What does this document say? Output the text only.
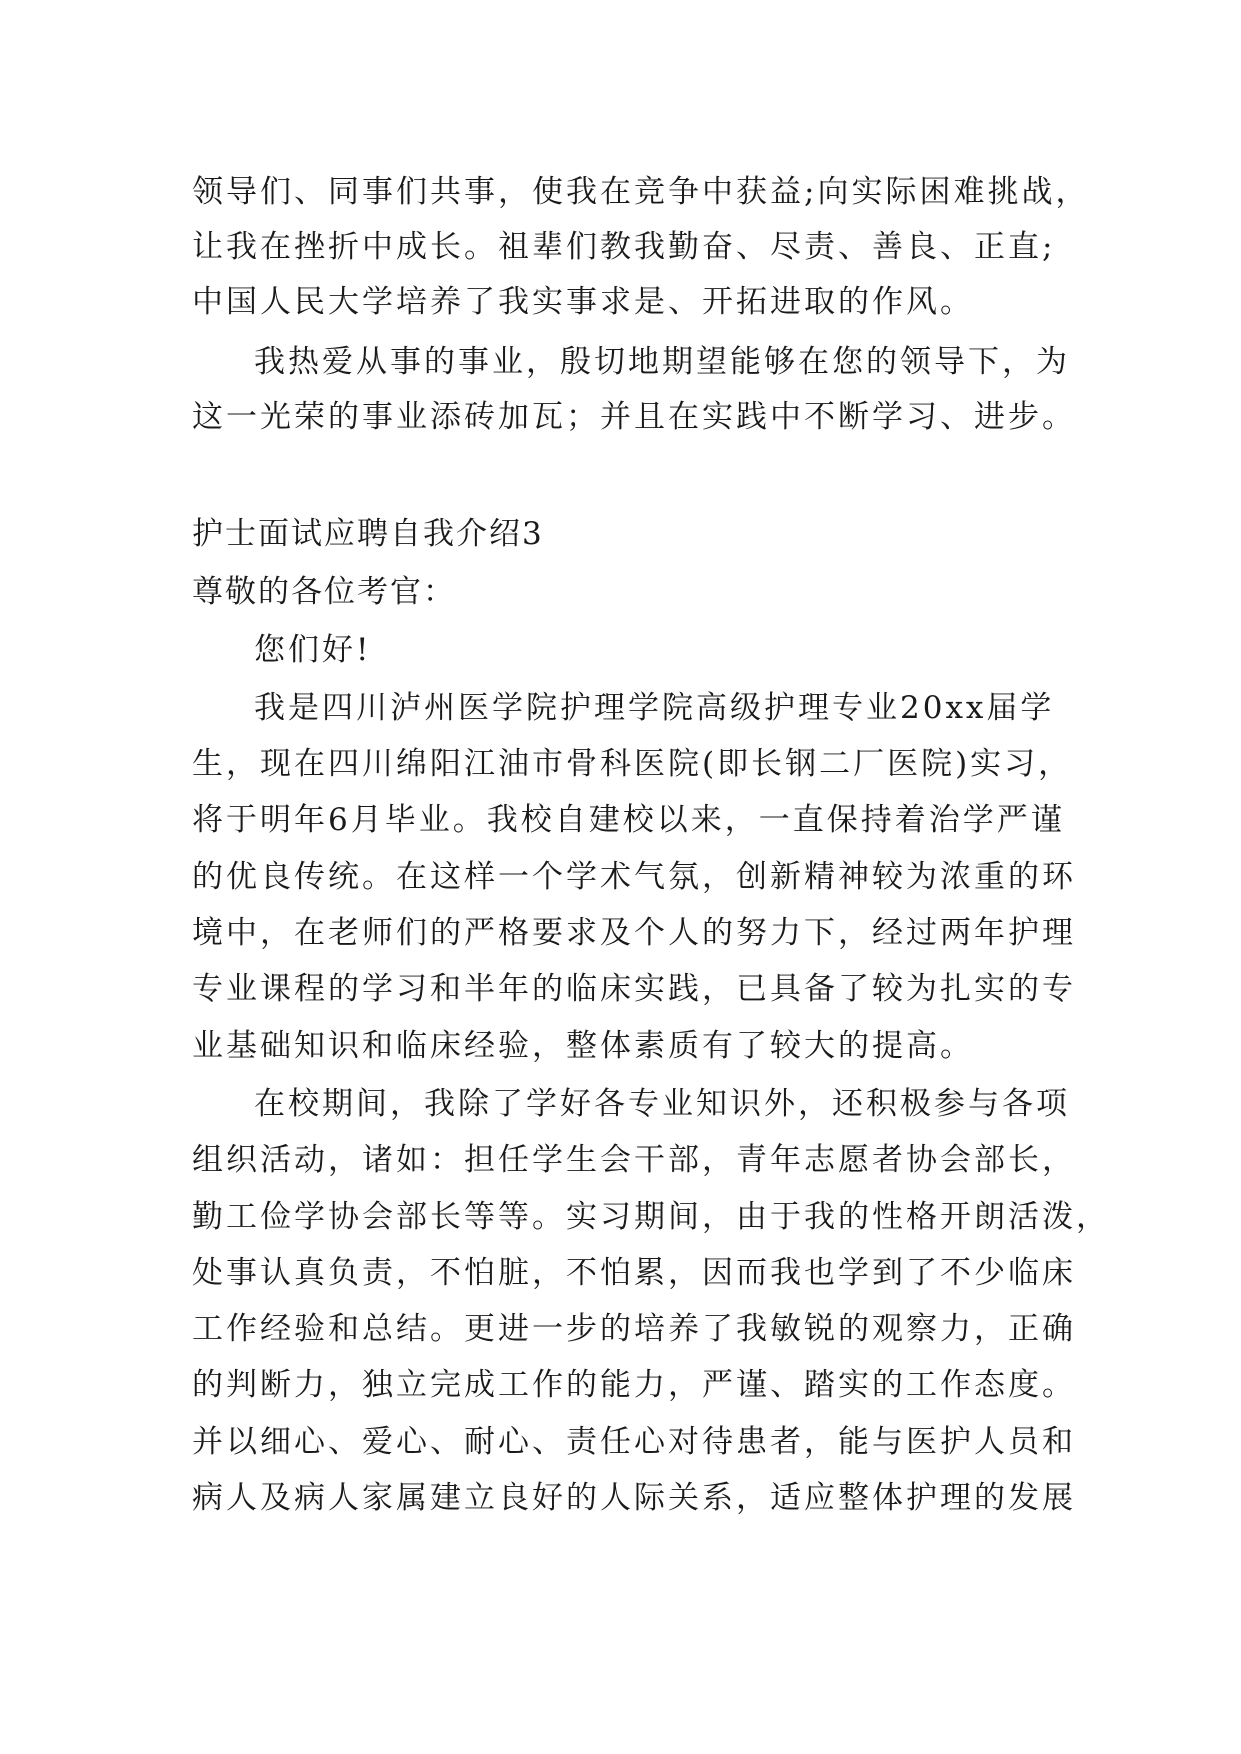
领导们、同事们共事，使我在竞争中获益;向实际困难挑战，
让我在挫折中成长。祖辈们教我勤奋、尽责、善良、正直;
中国人民大学培养了我实事求是、开拓进取的作风。
我热爱从事的事业，殷切地期望能够在您的领导下，为
这一光荣的事业添砖加瓦；并且在实践中不断学习、进步。
护士面试应聘自我介绍3
尊敬的各位考官：
您们好!
我是四川泸州医学院护理学院高级护理专业20xx届学
生，现在四川绵阳江油市骨科医院(即长钢二厂医院)实习，
将于明年6月毕业。我校自建校以来，一直保持着治学严谨
的优良传统。在这样一个学术气氛，创新精神较为浓重的环
境中，在老师们的严格要求及个人的努力下，经过两年护理
专业课程的学习和半年的临床实践，已具备了较为扎实的专
业基础知识和临床经验，整体素质有了较大的提高。
在校期间，我除了学好各专业知识外，还积极参与各项
组织活动，诸如：担任学生会干部，青年志愿者协会部长，
勤工俭学协会部长等等。实习期间，由于我的性格开朗活泼，
处事认真负责，不怕脏，不怕累，因而我也学到了不少临床
工作经验和总结。更进一步的培养了我敏锐的观察力，正确
的判断力，独立完成工作的能力，严谨、踏实的工作态度。
并以细心、爱心、耐心、责任心对待患者，能与医护人员和
病人及病人家属建立良好的人际关系，适应整体护理的发展
